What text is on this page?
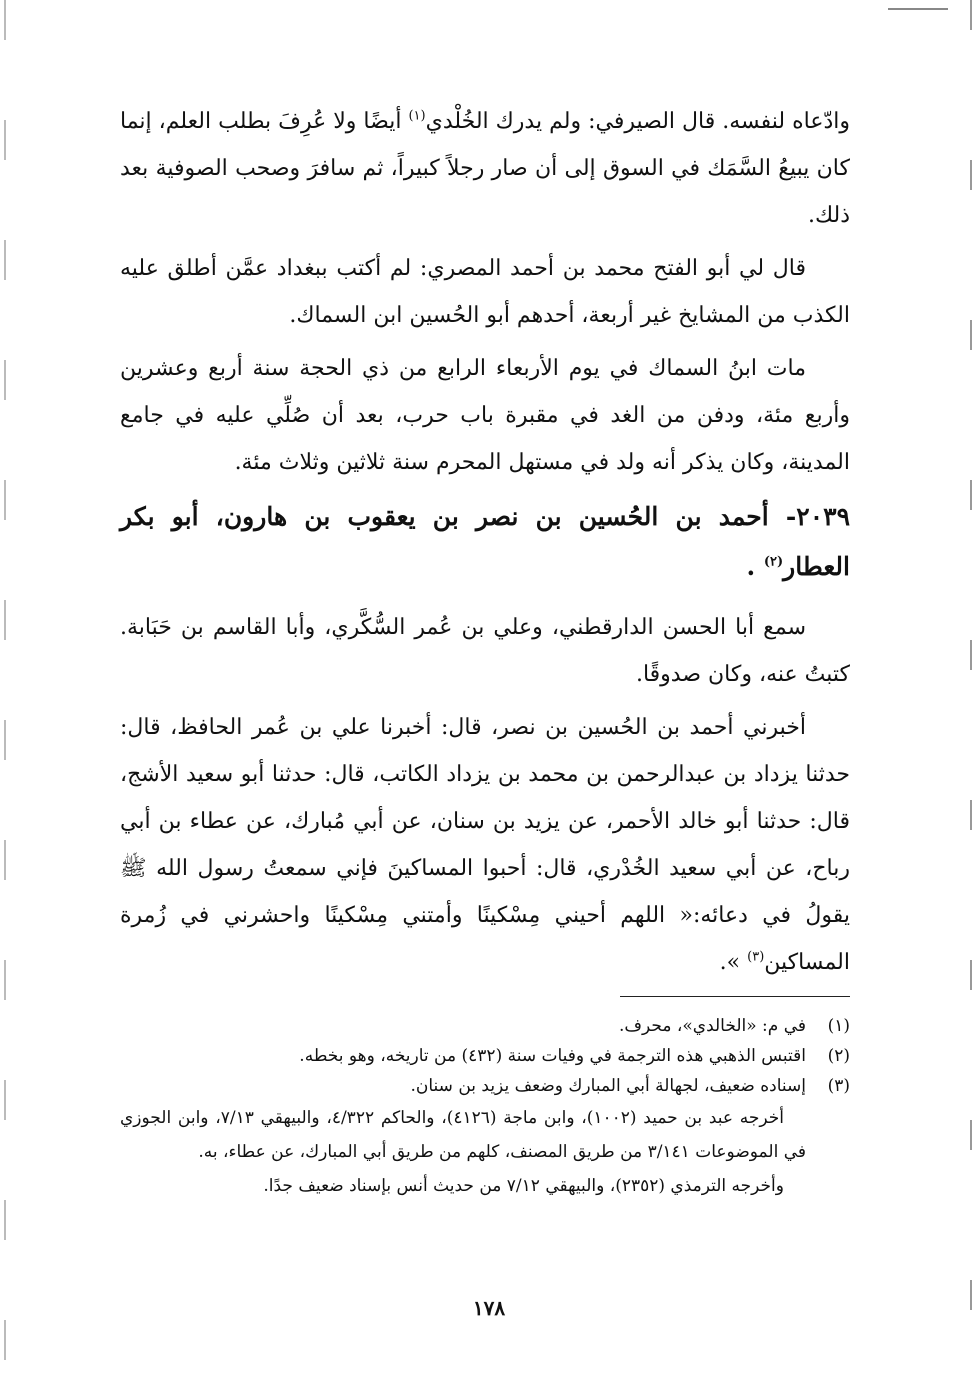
وادّعاه لنفسه. قال الصيرفي: ولم يدرك الخُلْدي$^{(١)}$ أيضًا ولا عُرِفَ بطلب العلم، إنما كان يبيعُ السَّمَك في السوق إلى أن صار رجلاً كبيراً، ثم سافرَ وصحب الصوفية بعد ذلك.

قال لي أبو الفتح محمد بن أحمد المصري: لم أكتب ببغداد عمَّن أطلق عليه الكذب من المشايخ غير أربعة، أحدهم أبو الحُسين ابن السماك.

مات ابنُ السماك في يوم الأربعاء الرابع من ذي الحجة سنة أربع وعشرين وأربع مئة، ودفن من الغد في مقبرة باب حرب، بعد أن صُلِّي عليه في جامع المدينة، وكان يذكر أنه ولد في مستهل المحرم سنة ثلاثين وثلاث مئة.

٢٠٣٩- أحمد بن الحُسين بن نصر بن يعقوب بن هارون، أبو بكر العطار$^{(٢)}$ .

سمع أبا الحسن الدارقطني، وعلي بن عُمر السُّكَّري، وأبا القاسم بن حَبَابة. كتبتُ عنه، وكان صدوقًا.

أخبرني أحمد بن الحُسين بن نصر، قال: أخبرنا علي بن عُمر الحافظ، قال: حدثنا يزداد بن عبدالرحمن بن محمد بن يزداد الكاتب، قال: حدثنا أبو سعيد الأشج، قال: حدثنا أبو خالد الأحمر، عن يزيد بن سنان، عن أبي مُبارك، عن عطاء بن أبي رباح، عن أبي سعيد الخُدْري، قال: أحبوا المساكينَ فإني سمعتُ رسول الله ﷺ يقولُ في دعائه:« اللهم أحيني مِسْكينًا وأمتني مِسْكينًا واحشرني في زُمرة المساكين$^{(٣)}$ ».

(١)في م: «الخالدي»، محرف.

(٢)اقتبس الذهبي هذه الترجمة في وفيات سنة (٤٣٢) من تاريخه، وهو بخطه.

(٣)إسناده ضعيف، لجهالة أبي المبارك وضعف يزيد بن سنان.

أخرجه عبد بن حميد (١٠٠٢)، وابن ماجة (٤١٢٦)، والحاكم ٤/٣٢٢، والبيهقي ٧/١٣، وابن الجوزي في الموضوعات ٣/١٤١ من طريق المصنف، كلهم من طريق أبي المبارك، عن عطاء، به.

وأخرجه الترمذي (٢٣٥٢)، والبيهقي ٧/١٢ من حديث أنس بإسناد ضعيف جدًا.

١٧٨
